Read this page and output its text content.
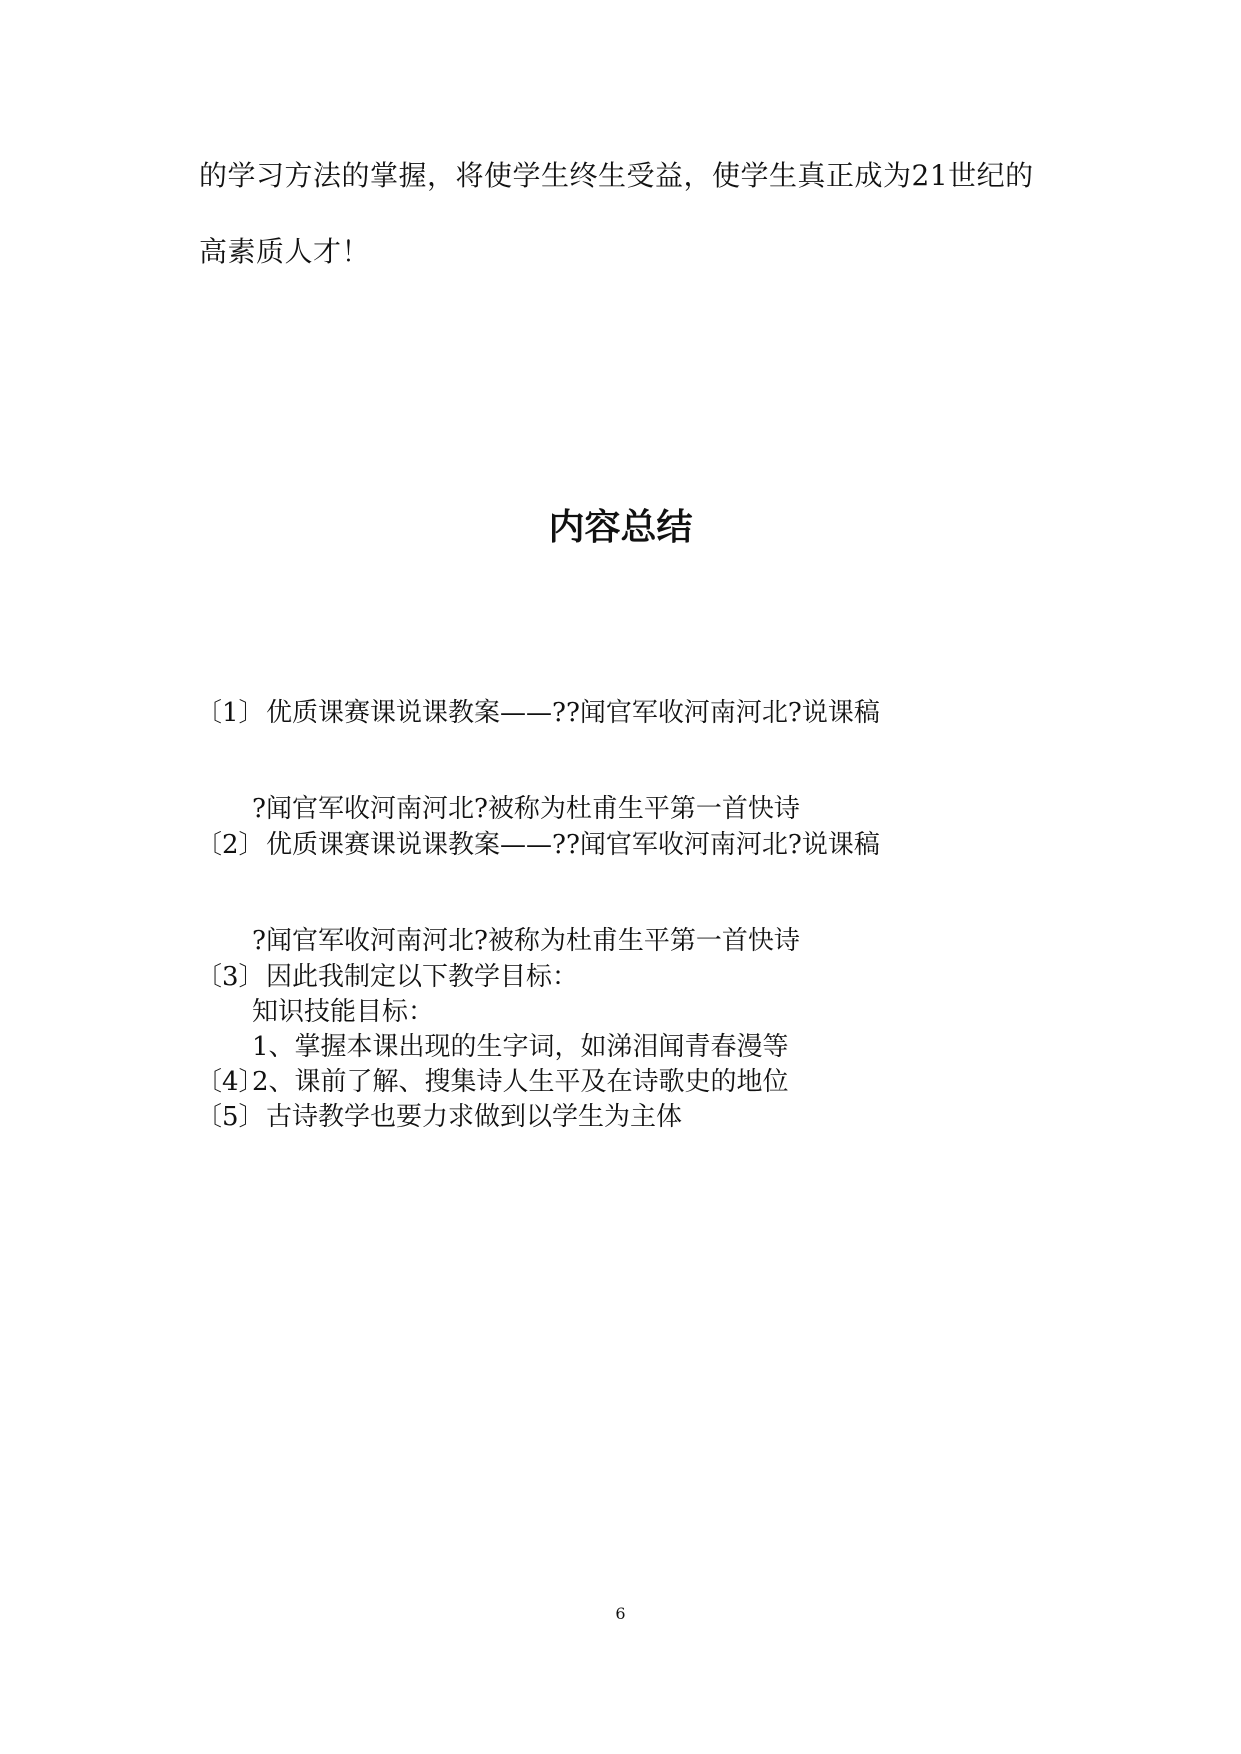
的学习方法的掌握，将使学生终生受益，使学生真正成为21世纪的
高素质人才！
内容总结
〔1〕 优质课赛课说课教案——??闻官军收河南河北?说课稿
?闻官军收河南河北?被称为杜甫生平第一首快诗
〔2〕 优质课赛课说课教案——??闻官军收河南河北?说课稿
?闻官军收河南河北?被称为杜甫生平第一首快诗
〔3〕 因此我制定以下教学目标：
知识技能目标：
1、掌握本课出现的生字词，如涕泪闻青春漫等
〔4〕
2、课前了解、搜集诗人生平及在诗歌史的地位
〔5〕 古诗教学也要力求做到以学生为主体
6
